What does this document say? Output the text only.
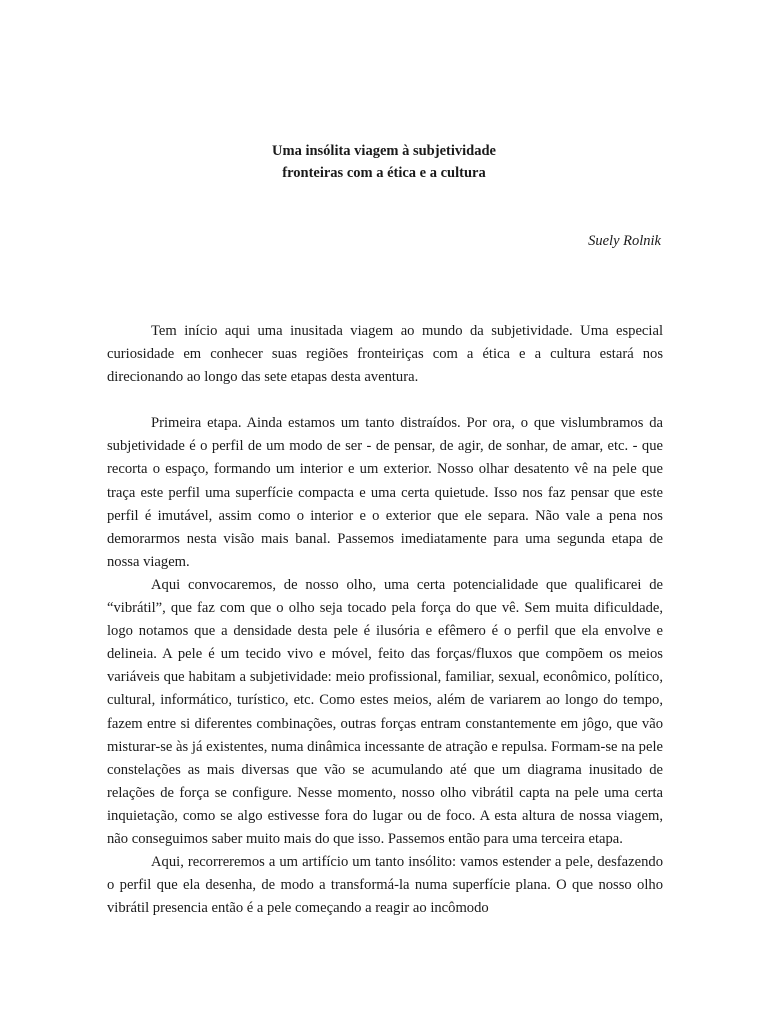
Uma insólita viagem à subjetividade

fronteiras com a ética e a cultura

Suely Rolnik

Tem início aqui uma inusitada viagem ao mundo da subjetividade. Uma especial curiosidade em conhecer suas regiões fronteiriças com a ética e a cultura estará nos direcionando ao longo das sete etapas desta aventura.

Primeira etapa. Ainda estamos um tanto distraídos. Por ora, o que vislumbramos da subjetividade é o perfil de um modo de ser - de pensar, de agir, de sonhar, de amar, etc. - que recorta o espaço, formando um interior e um exterior. Nosso olhar desatento vê na pele que traça este perfil uma superfície compacta e uma certa quietude. Isso nos faz pensar que este perfil é imutável, assim como o interior e o exterior que ele separa. Não vale a pena nos demorarmos nesta visão mais banal. Passemos imediatamente para uma segunda etapa de nossa viagem.

Aqui convocaremos, de nosso olho, uma certa potencialidade que qualificarei de “vibrátil”, que faz com que o olho seja tocado pela força do que vê. Sem muita dificuldade, logo notamos que a densidade desta pele é ilusória e efêmero é o perfil que ela envolve e delineia. A pele é um tecido vivo e móvel, feito das forças/fluxos que compõem os meios variáveis que habitam a subjetividade: meio profissional, familiar, sexual, econômico, político, cultural, informático, turístico, etc. Como estes meios, além de variarem ao longo do tempo, fazem entre si diferentes combinações, outras forças entram constantemente em jôgo, que vão misturar-se às já existentes, numa dinâmica incessante de atração e repulsa. Formam-se na pele constelações as mais diversas que vão se acumulando até que um diagrama inusitado de relações de força se configure. Nesse momento, nosso olho vibrátil capta na pele uma certa inquietação, como se algo estivesse fora do lugar ou de foco. A esta altura de nossa viagem, não conseguimos saber muito mais do que isso. Passemos então para uma terceira etapa.

Aqui, recorreremos a um artifício um tanto insólito: vamos estender a pele, desfazendo o perfil que ela desenha, de modo a transformá-la numa superfície plana. O que nosso olho vibrátil presencia então é a pele começando a reagir ao incômodo
